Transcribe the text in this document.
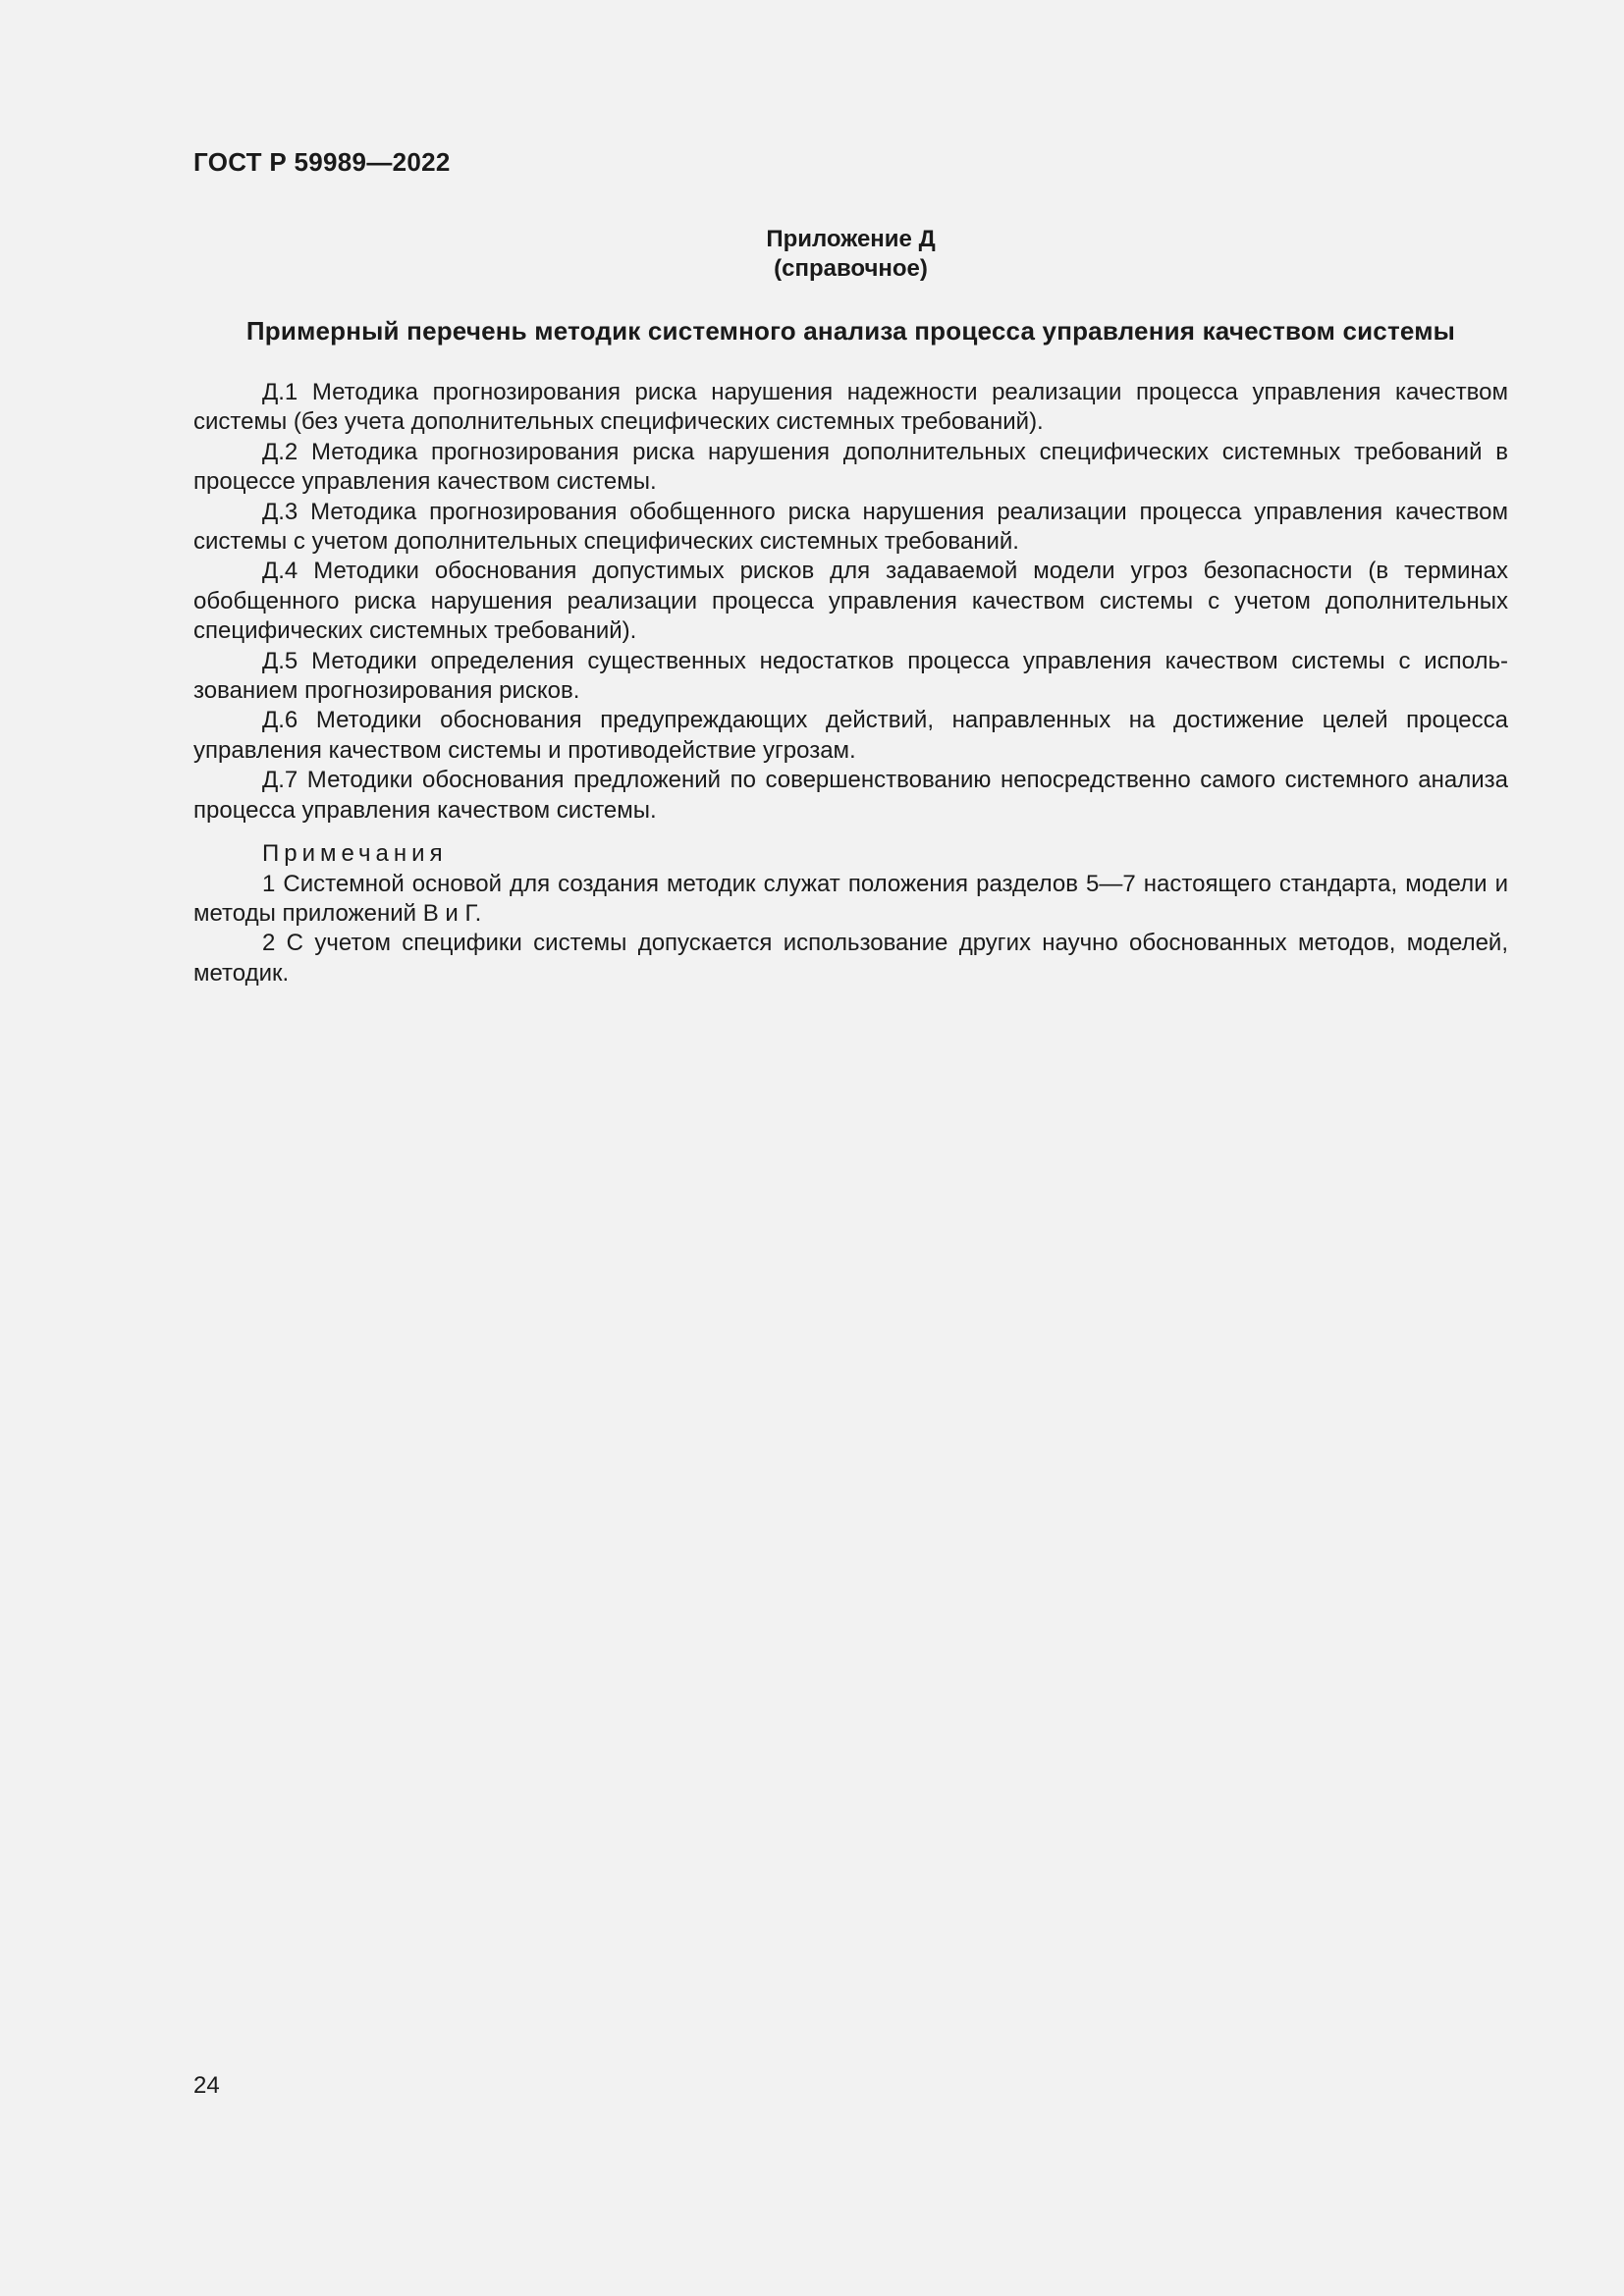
ГОСТ Р 59989—2022
Приложение Д
(справочное)
Примерный перечень методик системного анализа процесса управления качеством системы

Д.1 Методика прогнозирования риска нарушения надежности реализации процесса управления качеством системы (без учета дополнительных специфических системных требований).

Д.2 Методика прогнозирования риска нарушения дополнительных специфических системных требований в процессе управления качеством системы.

Д.3 Методика прогнозирования обобщенного риска нарушения реализации процесса управления качеством системы с учетом дополнительных специфических системных требований.

Д.4 Методики обоснования допустимых рисков для задаваемой модели угроз безопасности (в терминах обобщенного риска нарушения реализации процесса управления качеством системы с учетом дополнительных специфических системных требований).

Д.5 Методики определения существенных недостатков процесса управления качеством системы с использованием прогнозирования рисков.

Д.6 Методики обоснования предупреждающих действий, направленных на достижение целей процесса управления качеством системы и противодействие угрозам.

Д.7 Методики обоснования предложений по совершенствованию непосредственно самого системного анализа процесса управления качеством системы.

Примечания

1 Системной основой для создания методик служат положения разделов 5—7 настоящего стандарта, модели и методы приложений В и Г.

2 С учетом специфики системы допускается использование других научно обоснованных методов, моделей, методик.

24
